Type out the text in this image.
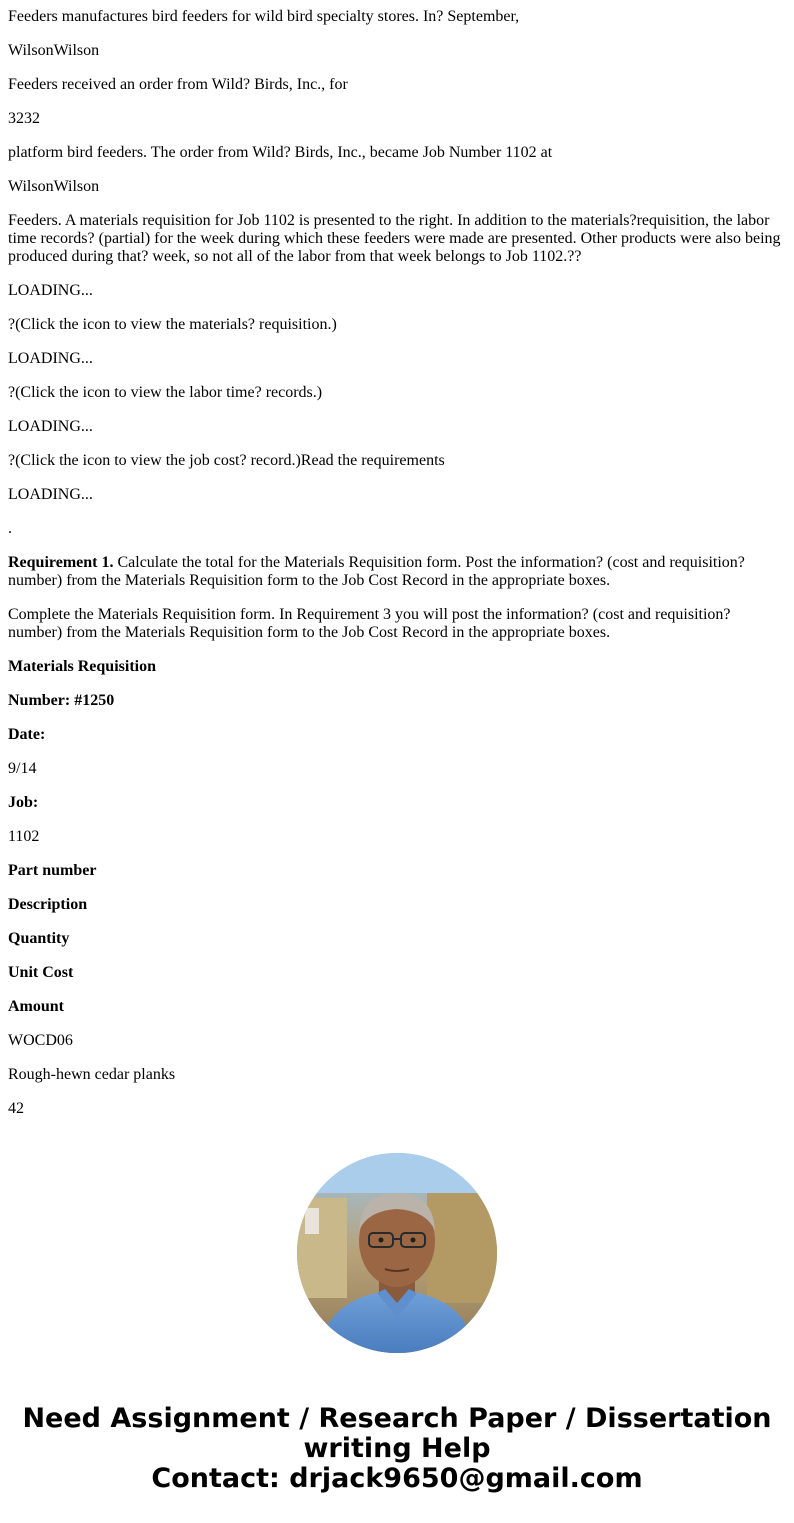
Feeders manufactures bird feeders for wild bird specialty stores. In? September,

WilsonWilson

Feeders received an order from Wild? Birds, Inc., for

3232

platform bird feeders. The order from Wild? Birds, Inc., became Job Number 1102 at

WilsonWilson

Feeders. A materials requisition for Job 1102 is presented to the right. In addition to the materials?requisition, the labor time records? (partial) for the week during which these feeders were made are presented. Other products were also being produced during that? week, so not all of the labor from that week belongs to Job 1102.??

LOADING...

?(Click the icon to view the materials? requisition.)

LOADING...

?(Click the icon to view the labor time? records.)

LOADING...

?(Click the icon to view the job cost? record.)Read the requirements

LOADING...

.

Requirement 1. Calculate the total for the Materials Requisition form. Post the information? (cost and requisition? number) from the Materials Requisition form to the Job Cost Record in the appropriate boxes.

Complete the Materials Requisition form. In Requirement 3 you will post the information? (cost and requisition? number) from the Materials Requisition form to the Job Cost Record in the appropriate boxes.

Materials Requisition

Number: #1250

Date:

9/14

Job:

1102

Part number

Description

Quantity

Unit Cost

Amount

WOCD06

Rough-hewn cedar planks

42

Need Assignment / Research Paper / Dissertation
writing Help
Contact: drjack9650@gmail.com
